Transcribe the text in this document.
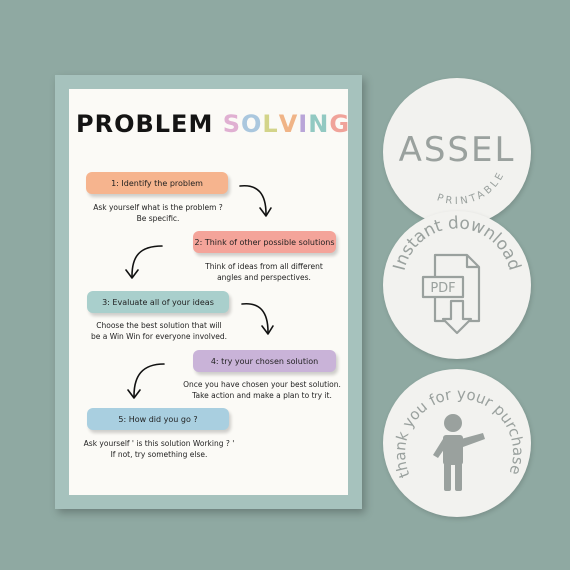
PROBLEM SOLVING
1: Identify the problem
Ask yourself what is the problem ?
Be specific.
2: Think of other possible solutions
Think of ideas from all different
angles and perspectives.
3: Evaluate all of your ideas
Choose the best solution that will
be a Win Win for everyone involved.
4: try your chosen solution
Once you have chosen your best solution.
Take action and make a plan to try it.
5: How did you go ?
Ask yourself ' is this solution Working ? '
If not, try something else.
ASSEL
PRINTABLE
Instant download
PDF
thank you for your purchase
